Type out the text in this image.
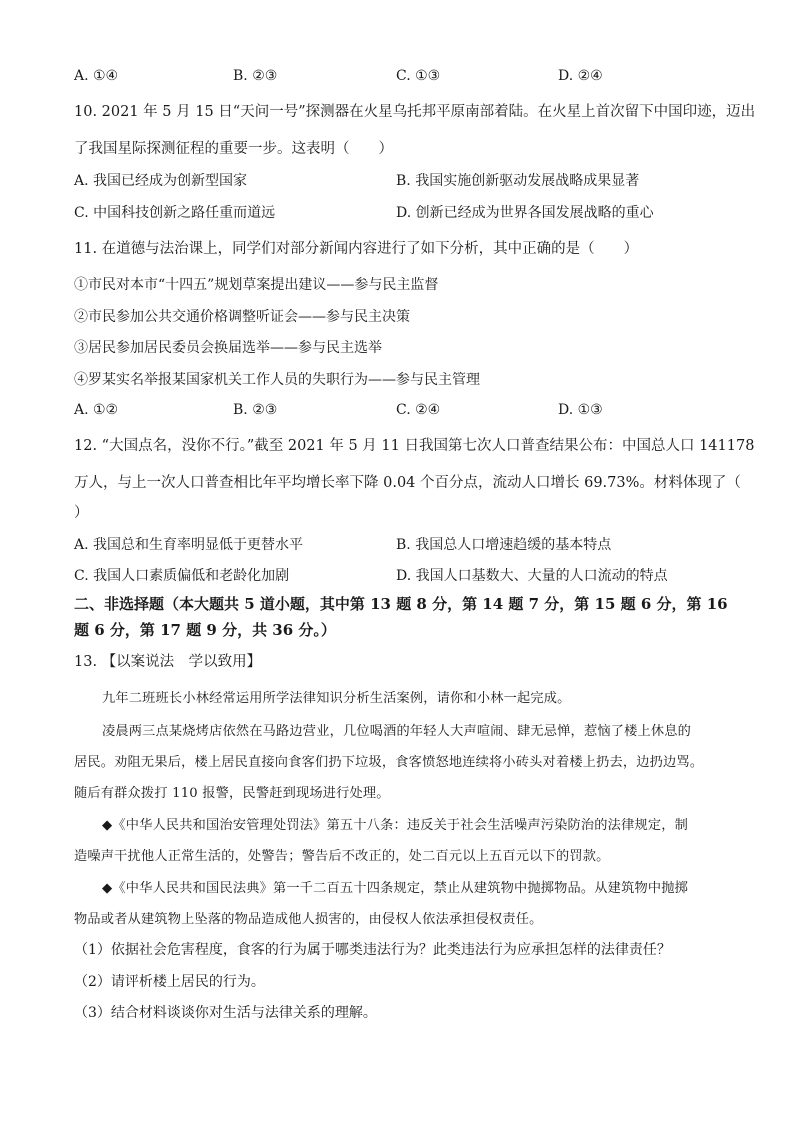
A. ①④	B. ②③	C. ①③	D. ②④
10. 2021 年 5 月 15 日“天问一号”探测器在火星乌托邦平原南部着陆。在火星上首次留下中国印迹，迈出
了我国星际探测征程的重要一步。这表明（　　）
A. 我国已经成为创新型国家	B. 我国实施创新驱动发展战略成果显著
C. 中国科技创新之路任重而道远	D. 创新已经成为世界各国发展战略的重心
11. 在道德与法治课上，同学们对部分新闻内容进行了如下分析，其中正确的是（　　）
①市民对本市“十四五”规划草案提出建议——参与民主监督
②市民参加公共交通价格调整听证会——参与民主决策
③居民参加居民委员会换届选举——参与民主选举
④罗某实名举报某国家机关工作人员的失职行为——参与民主管理
A. ①②	B. ②③	C. ②④	D. ①③
12. “大国点名，没你不行。”截至 2021 年 5 月 11 日我国第七次人口普查结果公布：中国总人口 141178
万人，与上一次人口普查相比年平均增长率下降 0.04 个百分点，流动人口增长 69.73%。材料体现了（
）
A. 我国总和生育率明显低于更替水平	B. 我国总人口增速趋缓的基本特点
C. 我国人口素质偏低和老龄化加剧	D. 我国人口基数大、大量的人口流动的特点
二、非选择题（本大题共 5 道小题，其中第 13 题 8 分，第 14 题 7 分，第 15 题 6 分，第 16
题 6 分，第 17 题 9 分，共 36 分。）
13. 【以案说法　学以致用】
九年二班班长小林经常运用所学法律知识分析生活案例，请你和小林一起完成。
凌晨两三点某烧烤店依然在马路边营业，几位喝酒的年轻人大声喧闹、肆无忌惮，惹恼了楼上休息的
居民。劝阻无果后，楼上居民直接向食客们扔下垃圾，食客愤怒地连续将小砖头对着楼上扔去，边扔边骂。
随后有群众拨打 110 报警，民警赶到现场进行处理。
◆《中华人民共和国治安管理处罚法》第五十八条：违反关于社会生活噪声污染防治的法律规定，制
造噪声干扰他人正常生活的，处警告；警告后不改正的，处二百元以上五百元以下的罚款。
◆《中华人民共和国民法典》第一千二百五十四条规定，禁止从建筑物中抛掷物品。从建筑物中抛掷
物品或者从建筑物上坠落的物品造成他人损害的，由侵权人依法承担侵权责任。
（1）依据社会危害程度，食客的行为属于哪类违法行为？此类违法行为应承担怎样的法律责任？
（2）请评析楼上居民的行为。
（3）结合材料谈谈你对生活与法律关系的理解。
